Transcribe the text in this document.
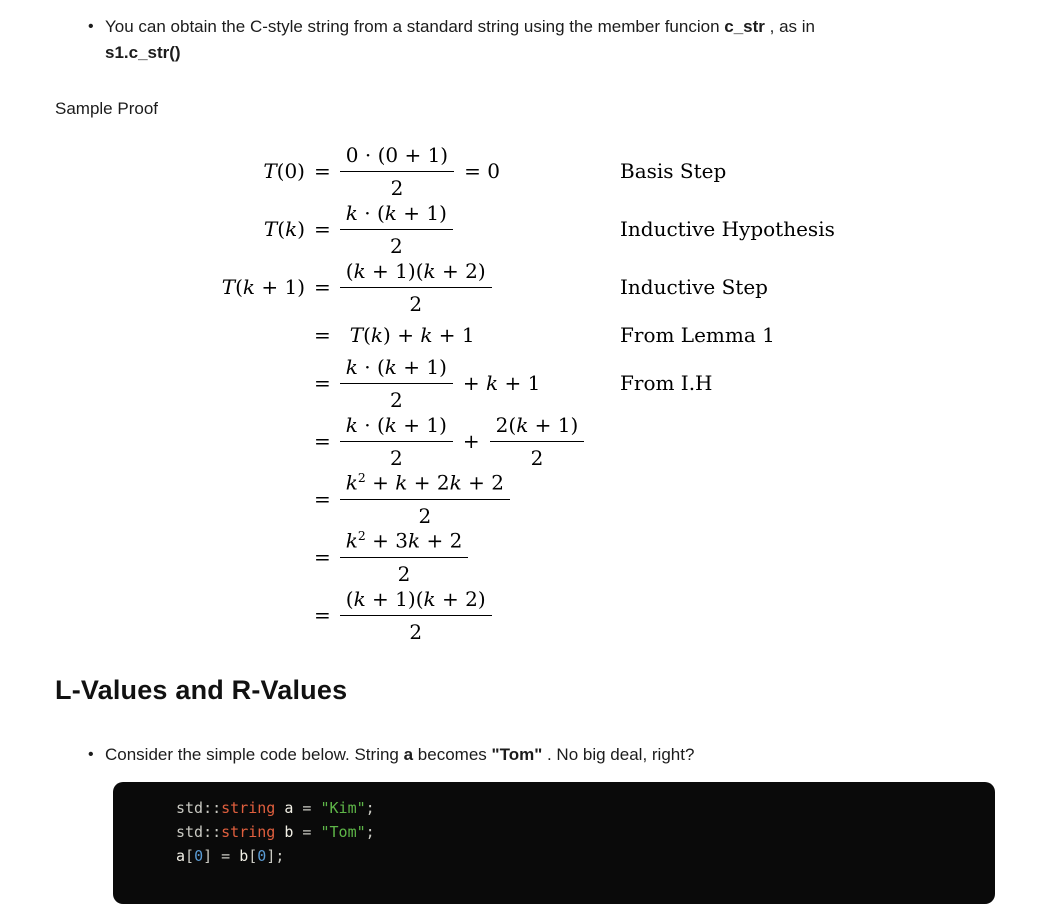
• You can obtain the C-style string from a standard string using the member funcion c_str , as in
s1.c_str()
Sample Proof
$T(0) = \frac{0 \cdot (0 + 1)}{2} = 0$	Basis Step
$T(k) = \frac{k \cdot (k + 1)}{2}$	Inductive Hypothesis
$T(k + 1) = \frac{(k + 1)(k + 2)}{2}$	Inductive Step
= T(k) + k + 1	From Lemma 1
= $\frac{k \cdot (k + 1)}{2} + k + 1$	From I.H
= $\frac{k \cdot (k + 1)}{2} + \frac{2(k + 1)}{2}$
= $\frac{k^2 + k + 2k + 2}{2}$
= $\frac{k^2 + 3k + 2}{2}$
= $\frac{(k + 1)(k + 2)}{2}$
L-Values and R-Values
• Consider the simple code below. String a becomes "Tom" . No big deal, right?
std::string a = "Kim";
std::string b = "Tom";
a[0] = b[0];
